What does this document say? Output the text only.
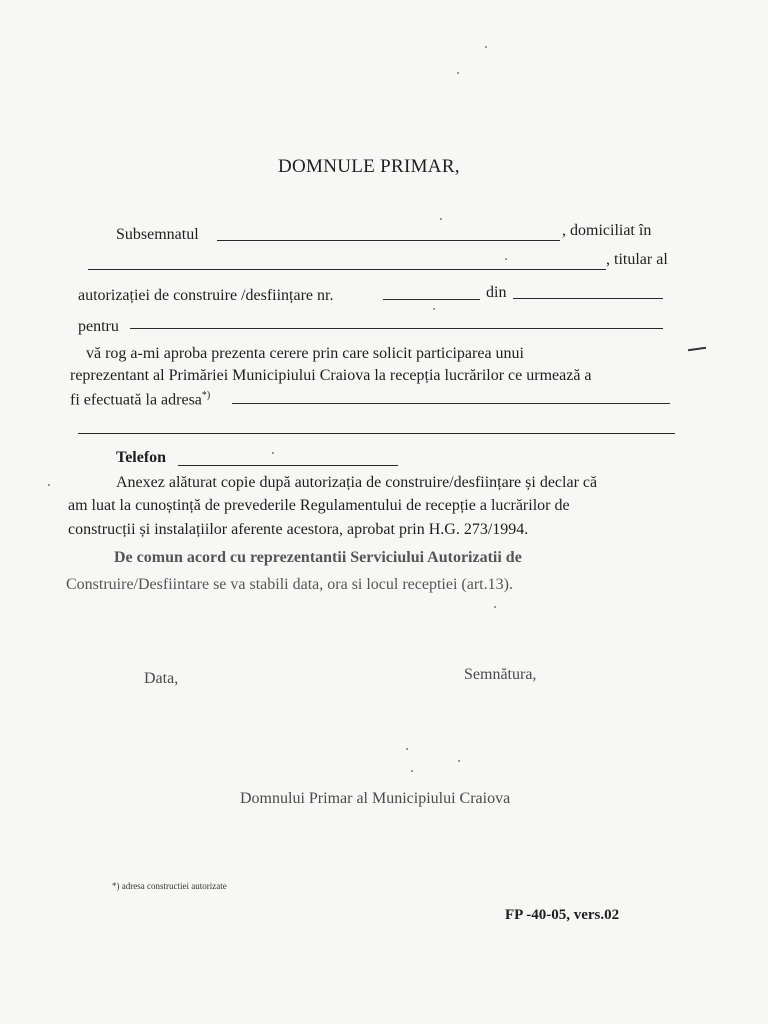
DOMNULE PRIMAR,
Subsemnatul	, domiciliat în
, titular al
autorizației de construire /desființare nr.	din
pentru
vă rog a-mi aproba prezenta cerere prin care solicit participarea unui
reprezentant al Primăriei Municipiului Craiova la recepția lucrărilor ce urmează a
fi efectuată la adresa*)
Telefon
Anexez alăturat copie după autorizația de construire/desființare și declar că
am luat la cunoștință de prevederile Regulamentului de recepție a lucrărilor de
construcții și instalațiilor aferente acestora, aprobat prin H.G. 273/1994.
De comun acord cu reprezentantii Serviciului Autorizatii de
Construire/Desfiintare se va stabili data, ora si locul receptiei (art.13).
Data,	Semnătura,
Domnului Primar al Municipiului Craiova
*) adresa constructiei autorizate
FP -40-05, vers.02
